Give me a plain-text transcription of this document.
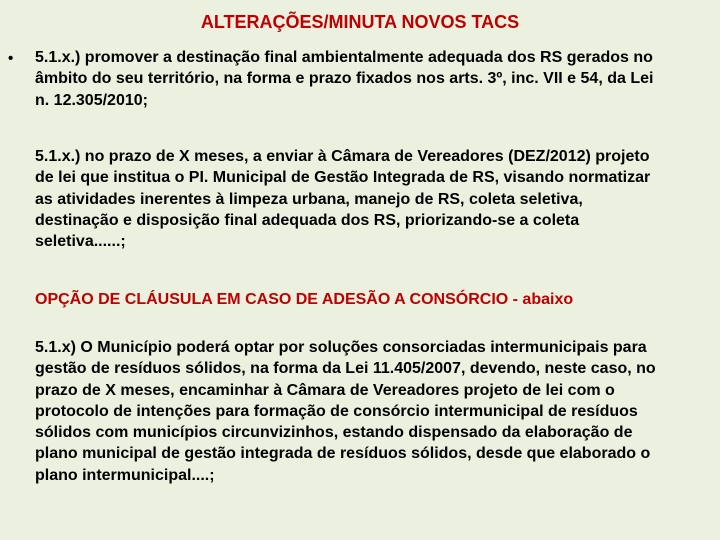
ALTERAÇÕES/MINUTA NOVOS TACS
• 5.1.x.) promover a destinação final ambientalmente adequada dos RS gerados no
âmbito do seu território, na forma e prazo fixados nos arts. 3º, inc. VII e 54, da Lei
n. 12.305/2010;

5.1.x.) no prazo de X meses, a enviar à Câmara de Vereadores (DEZ/2012) projeto
de lei que institua o PI. Municipal de Gestão Integrada de RS, visando normatizar
as atividades inerentes à limpeza urbana, manejo de RS, coleta seletiva,
destinação e disposição final adequada dos RS, priorizando-se a coleta
seletiva......;

OPÇÃO DE CLÁUSULA EM CASO DE ADESÃO A CONSÓRCIO - abaixo

5.1.x) O Município poderá optar por soluções consorciadas intermunicipais para
gestão de resíduos sólidos, na forma da Lei 11.405/2007, devendo, neste caso, no
prazo de X meses, encaminhar à Câmara de Vereadores projeto de lei com o
protocolo de intenções para formação de consórcio intermunicipal de resíduos
sólidos com municípios circunvizinhos, estando dispensado da elaboração de
plano municipal de gestão integrada de resíduos sólidos, desde que elaborado o
plano intermunicipal....;
